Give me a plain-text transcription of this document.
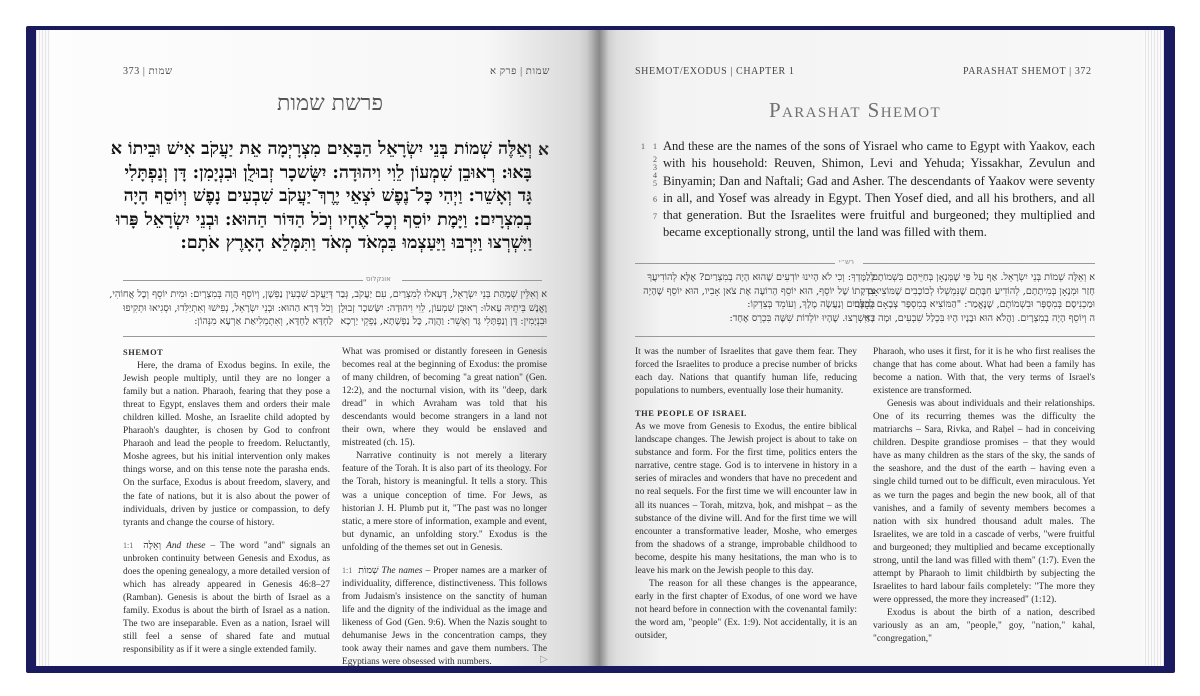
373 | שמות	שמות | פרק א
פרשת שמות
א
וְאֵלֶּה שְׁמוֹת בְּנֵי יִשְׂרָאֵל הַבָּאִים מִצְרָיְמָה אֵת יַעֲקֹב אִישׁ וּבֵיתוֹ א
בָּאוּ: רְאוּבֵן שִׁמְעוֹן לֵוִי וִיהוּדָה: יִשָּׂשכָר זְבוּלֻן וּבִנְיָמִן: דָּן וְנַפְתָּלִי
גָּד וְאָשֵׁר: וַיְהִי כׇּל־נֶפֶשׁ יֹצְאֵי יֶרֶךְ־יַעֲקֹב שִׁבְעִים נָפֶשׁ וְיוֹסֵף הָיָה
בְמִצְרָיִם: וַיָּמׇת יוֹסֵף וְכׇל־אֶחָיו וְכֹל הַדּוֹר הַהוּא: וּבְנֵי יִשְׂרָאֵל פָּרוּ
וַיִּשְׁרְצוּ וַיִּרְבּוּ וַיַּעַצְמוּ בִּמְאֹד מְאֹד וַתִּמָּלֵא הָאָרֶץ אֹתָם:
אונקלוס
א וְאִלֵּין שְׁמָהַת בְּנֵי יִשְׂרָאֵל, דְּעָאלוּ לְמִצְרַיִם, עִם יַעֲקֹב, גְּבַר
וֶאֱנָשׁ בֵּיתֵיהּ עָאלוּ: רְאוּבֵן שִׁמְעוֹן, לֵוִי וִיהוּדָה: יִשָּׂשכָר זְבוּלֻן
וּבִנְיָמִין: דָּן וְנַפְתָּלִי גָּד וְאָשֵׁר: וַהֲוָה, כׇּל נַפְשָׁתָא, נָפְקֵי יַרְכָא
דְּיַעֲקֹב שִׁבְעִין נַפְשָׁן, וְיוֹסֵף הֲוָה בְּמִצְרָיִם: וּמִית יוֹסֵף וְכׇל אֲחוֹהִי,
וְכֹל דָּרָא הַהוּא: וּבְנֵי יִשְׂרָאֵל, נְפִישׁוּ וְאִתְיַלִּדוּ, וּסְגִיאוּ וּתְקִיפוּ
לַחְדָּא לַחְדָּא, וְאִתְמְלִיאַת אַרְעָא מִנְּהוֹן:

SHEMOT

Here, the drama of Exodus begins. In exile, the Jewish people multiply, until they are no longer a family but a nation. Pharaoh, fearing that they pose a threat to Egypt, enslaves them and orders their male children killed. Moshe, an Israelite child adopted by Pharaoh's daughter, is chosen by God to confront Pharaoh and lead the people to freedom. Reluctantly, Moshe agrees, but his initial intervention only makes things worse, and on this tense note the parasha ends. On the surface, Exodus is about freedom, slavery, and the fate of nations, but it is also about the power of individuals, driven by justice or compassion, to defy tyrants and change the course of history.

1:1 וְאֵלֶּה And these – The word "and" signals an unbroken continuity between Genesis and Exodus, as does the opening genealogy, a more detailed version of which has already appeared in Genesis 46:8–27 (Ramban). Genesis is about the birth of Israel as a family. Exodus is about the birth of Israel as a nation. The two are inseparable. Even as a nation, Israel will still feel a sense of shared fate and mutual responsibility as if it were a single extended family.

What was promised or distantly foreseen in Genesis becomes real at the beginning of Exodus: the promise of many children, of becoming "a great nation" (Gen. 12:2), and the nocturnal vision, with its "deep, dark dread" in which Avraham was told that his descendants would become strangers in a land not their own, where they would be enslaved and mistreated (ch. 15).

Narrative continuity is not merely a literary feature of the Torah. It is also part of its theology. For the Torah, history is meaningful. It tells a story. This was a unique conception of time. For Jews, as historian J. H. Plumb put it, "The past was no longer static, a mere store of information, example and event, but dynamic, an unfolding story." Exodus is the unfolding of the themes set out in Genesis.

1:1 שְׁמוֹת The names – Proper names are a marker of individuality, difference, distinctiveness. This follows from Judaism's insistence on the sanctity of human life and the dignity of the individual as the image and likeness of God (Gen. 9:6). When the Nazis sought to dehumanise Jews in the concentration camps, they took away their names and gave them numbers. The Egyptians were obsessed with numbers.	▷
SHEMOT/EXODUS | CHAPTER 1	PARASHAT SHEMOT | 372
Parashat Shemot
1 1
2
3
4
5
6
7
And these are the names of the sons of Yisrael who came to Egypt with Yaakov, each with his household: Reuven, Shimon, Levi and Yehuda; Yissakhar, Zevulun and Binyamin; Dan and Naftali; Gad and Asher. The descendants of Yaakov were seventy in all, and Yosef was already in Egypt. Then Yosef died, and all his brothers, and all that generation. But the Israelites were fruitful and burgeoned; they multiplied and became exceptionally strong, until the land was filled with them.
רש״י
א וְאֵלֶּה שְׁמוֹת בְּנֵי יִשְׂרָאֵל. אַף עַל פִּי שֶׁמְּנָאָן בְּחַיֵּיהֶם בִּשְׁמוֹתָם
חָזַר וּמְנָאָן בְּמִיתָתָם, לְהוֹדִיעַ חִבָּתָם שֶׁנִּמְשְׁלוּ לְכוֹכָבִים שֶׁמּוֹצִיאָם
וּמַכְנִיסָם בְּמִסְפָּר וּבִשְׁמוֹתָם, שֶׁנֶּאֱמַר: "הַמּוֹצִיא בְמִסְפָּר צְבָאָם לְכֻלָּם
ה וְיוֹסֵף הָיָה בְמִצְרָיִם. וַהֲלֹא הוּא וּבָנָיו הָיוּ בִּכְלַל שִׁבְעִים, וּמָה בָּא
לְלַמֶּדְךָ: וְכִי לֹא הָיִינוּ יוֹדְעִים שֶׁהוּא הָיָה בְמִצְרַיִם? אֶלָּא לְהוֹדִיעֲךָ
צִדְקָתוֹ שֶׁל יוֹסֵף, הוּא יוֹסֵף הָרוֹעֶה אֶת צֹאן אָבִיו, הוּא יוֹסֵף שֶׁהָיָה
בְמִצְרַיִם וְנַעֲשָׂה מֶלֶךְ, וְעוֹמֵד בְּצִדְקוֹ:
ז וַיִּשְׁרְצוּ. שֶׁהָיוּ יוֹלְדוֹת שִׁשָּׁה בִּכְרֵס אֶחָד:

It was the number of Israelites that gave them fear. They forced the Israelites to produce a precise number of bricks each day. Nations that quantify human life, reducing populations to numbers, eventually lose their humanity.

THE PEOPLE OF ISRAEL

As we move from Genesis to Exodus, the entire biblical landscape changes. The Jewish project is about to take on substance and form. For the first time, politics enters the narrative, centre stage. God is to intervene in history in a series of miracles and wonders that have no precedent and no real sequels. For the first time we will encounter law in all its nuances – Torah, mitzva, ḥok, and mishpat – as the substance of the divine will. And for the first time we will encounter a transformative leader, Moshe, who emerges from the shadows of a strange, improbable childhood to become, despite his many hesitations, the man who is to leave his mark on the Jewish people to this day.

The reason for all these changes is the appearance, early in the first chapter of Exodus, of one word we have not heard before in connection with the covenantal family: the word am, "people" (Ex. 1:9). Not accidentally, it is an outsider,

Pharaoh, who uses it first, for it is he who first realises the change that has come about. What had been a family has become a nation. With that, the very terms of Israel's existence are transformed.

Genesis was about individuals and their relationships. One of its recurring themes was the difficulty the matriarchs – Sara, Rivka, and Raḥel – had in conceiving children. Despite grandiose promises – that they would have as many children as the stars of the sky, the sands of the seashore, and the dust of the earth – having even a single child turned out to be difficult, even miraculous. Yet as we turn the pages and begin the new book, all of that vanishes, and a family of seventy members becomes a nation with six hundred thousand adult males. The Israelites, we are told in a cascade of verbs, "were fruitful and burgeoned; they multiplied and became exceptionally strong, until the land was filled with them" (1:7). Even the attempt by Pharaoh to limit childbirth by subjecting the Israelites to hard labour fails completely: "The more they were oppressed, the more they increased" (1:12).

Exodus is about the birth of a nation, described variously as an am, "people," goy, "nation," kahal, "congregation,"
